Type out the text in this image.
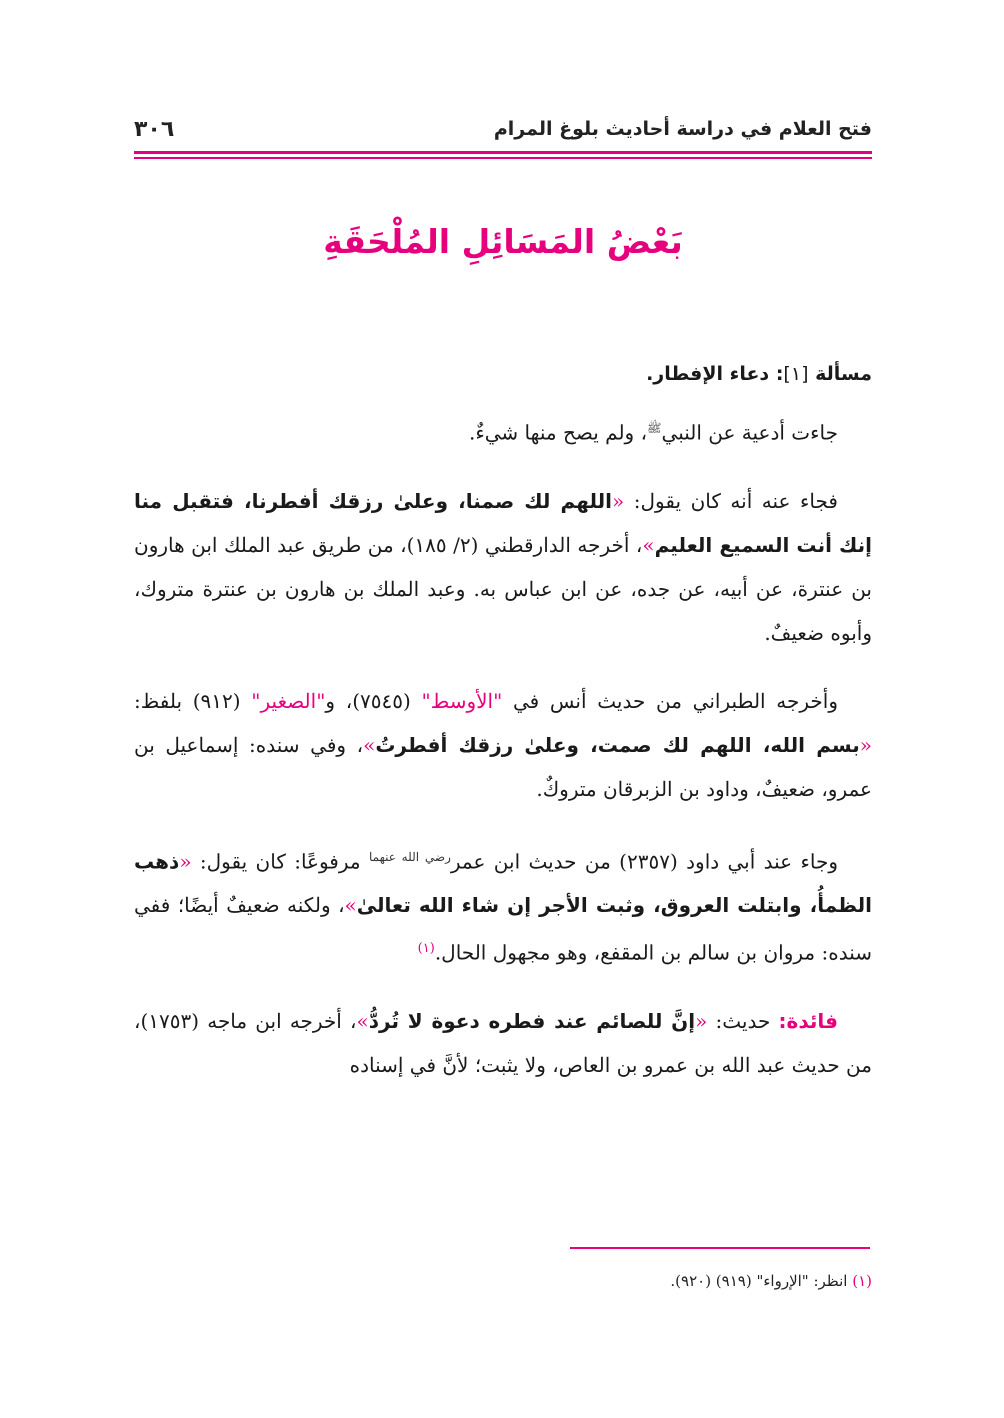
فتح العلام في دراسة أحاديث بلوغ المرام
٣٠٦
بَعْضُ المَسَائِلِ المُلْحَقَةِ

مسألة [١]: دعاء الإفطار.

جاءت أدعية عن النبي$^ﷺ$، ولم يصح منها شيءٌ.

فجاء عنه أنه كان يقول: «اللهم لك صمنا، وعلىٰ رزقك أفطرنا، فتقبل منا إنك أنت السميع العليم»، أخرجه الدارقطني (٢/ ١٨٥)، من طريق عبد الملك ابن هارون بن عنترة، عن أبيه، عن جده، عن ابن عباس به. وعبد الملك بن هارون بن عنترة متروك، وأبوه ضعيفٌ.

وأخرجه الطبراني من حديث أنس في "الأوسط" (٧٥٤٥)، و"الصغير" (٩١٢) بلفظ: «بسم الله، اللهم لك صمت، وعلىٰ رزقك أفطرتُ»، وفي سنده: إسماعيل بن عمرو، ضعيفٌ، وداود بن الزبرقان متروكٌ.

وجاء عند أبي داود (٢٣٥٧) من حديث ابن عمر$^{رضي الله عنهما}$ مرفوعًا: كان يقول: «ذهب الظمأُ، وابتلت العروق، وثبت الأجر إن شاء الله تعالىٰ»، ولكنه ضعيفٌ أيضًا؛ ففي سنده: مروان بن سالم بن المقفع، وهو مجهول الحال.$^{(١)}$

فائدة: حديث: «إنَّ للصائم عند فطره دعوة لا تُردُّ»، أخرجه ابن ماجه (١٧٥٣)، من حديث عبد الله بن عمرو بن العاص، ولا يثبت؛ لأنَّ في إسناده

(١) انظر: "الإرواء" (٩١٩) (٩٢٠).
